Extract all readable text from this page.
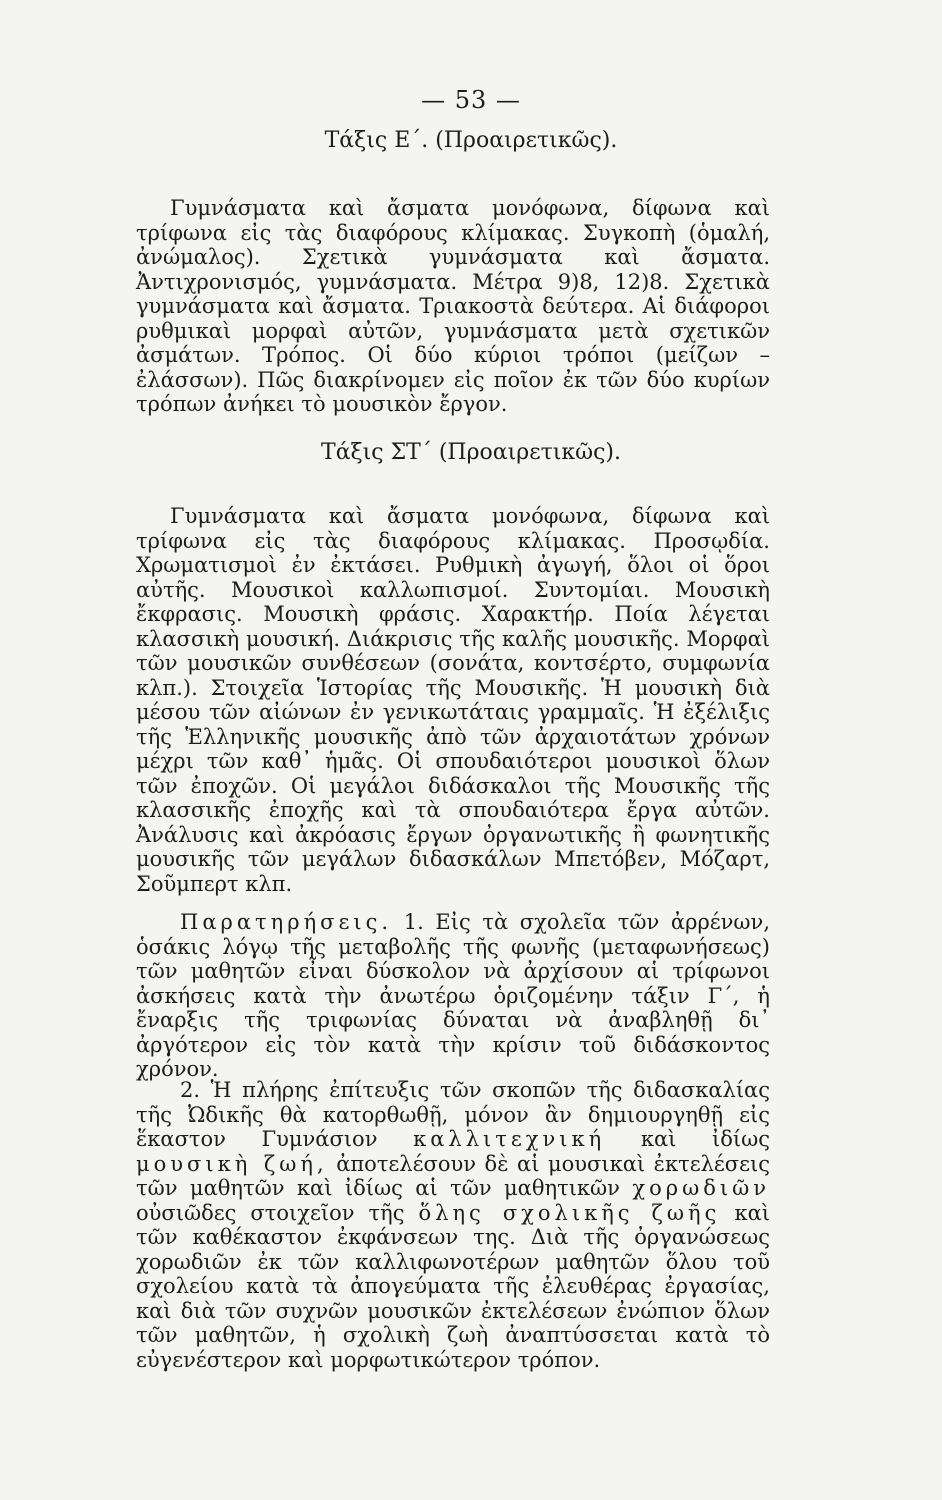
— 53 —
Τάξις Ε΄. (Προαιρετικῶς).

Γυμνάσματα καὶ ἄσματα μονόφωνα, δίφωνα καὶ τρίφωνα εἰς τὰς διαφόρους κλίμακας. Συγκοπὴ (ὁμαλή, ἀνώμαλος). Σχετικὰ γυμνάσματα καὶ ἄσματα. Ἀντιχρονισμός, γυμνάσματα. Μέτρα 9)8, 12)8. Σχετικὰ γυμνάσματα καὶ ἄσματα. Τριακοστὰ δεύτερα. Αἱ διάφοροι ρυθμικαὶ μορφαὶ αὐτῶν, γυμνάσματα μετὰ σχετικῶν ἀσμάτων. Τρόπος. Οἱ δύο κύριοι τρόποι (μείζων – ἐλάσσων). Πῶς διακρίνομεν εἰς ποῖον ἐκ τῶν δύο κυρίων τρόπων ἀνήκει τὸ μουσικὸν ἔργον.

Τάξις ΣΤ΄ (Προαιρετικῶς).

Γυμνάσματα καὶ ἄσματα μονόφωνα, δίφωνα καὶ τρίφωνα εἰς τὰς διαφόρους κλίμακας. Προσῳδία. Χρωματισμοὶ ἐν ἐκτάσει. Ρυθμικὴ ἀγωγή, ὅλοι οἱ ὅροι αὐτῆς. Μουσικοὶ καλλωπισμοί. Συντομίαι. Μουσικὴ ἔκφρασις. Μουσικὴ φράσις. Χαρακτήρ. Ποία λέγεται κλασσικὴ μουσική. Διάκρισις τῆς καλῆς μουσικῆς. Μορφαὶ τῶν μουσικῶν συνθέσεων (σονάτα, κοντσέρτο, συμφωνία κλπ.). Στοιχεῖα Ἱστορίας τῆς Μουσικῆς. Ἡ μουσικὴ διὰ μέσου τῶν αἰώνων ἐν γενικωτάταις γραμμαῖς. Ἡ ἐξέλιξις τῆς Ἑλληνικῆς μουσικῆς ἀπὸ τῶν ἀρχαιοτάτων χρόνων μέχρι τῶν καθ᾽ ἡμᾶς. Οἱ σπουδαιότεροι μουσικοὶ ὅλων τῶν ἐποχῶν. Οἱ μεγάλοι διδάσκαλοι τῆς Μουσικῆς τῆς κλασσικῆς ἐποχῆς καὶ τὰ σπουδαιότερα ἔργα αὐτῶν. Ἀνάλυσις καὶ ἀκρόασις ἔργων ὀργανωτικῆς ἢ φωνητικῆς μουσικῆς τῶν μεγάλων διδασκάλων Μπετόβεν, Μόζαρτ, Σοῦμπερτ κλπ.

Παρατηρήσεις. 1. Εἰς τὰ σχολεῖα τῶν ἀρρένων, ὁσάκις λόγῳ τῆς μεταβολῆς τῆς φωνῆς (μεταφωνήσεως) τῶν μαθητῶν εἶναι δύσκολον νὰ ἀρχίσουν αἱ τρίφωνοι ἀσκήσεις κατὰ τὴν ἀνωτέρω ὁριζομένην τάξιν Γ΄, ἡ ἔναρξις τῆς τριφωνίας δύναται νὰ ἀναβληθῇ δι᾽ ἀργότερον εἰς τὸν κατὰ τὴν κρίσιν τοῦ διδάσκοντος χρόνον.

2. Ἡ πλήρης ἐπίτευξις τῶν σκοπῶν τῆς διδασκαλίας τῆς Ὠδικῆς θὰ κατορθωθῇ, μόνον ἂν δημιουργηθῇ εἰς ἕκαστον Γυμνάσιον καλλιτεχνική καὶ ἰδίως μουσικὴ ζωή, ἀποτελέσουν δὲ αἱ μουσικαὶ ἐκτελέσεις τῶν μαθητῶν καὶ ἰδίως αἱ τῶν μαθητικῶν χορωδιῶν οὐσιῶδες στοιχεῖον τῆς ὅλης σχολικῆς ζωῆς καὶ τῶν καθέκαστον ἐκφάνσεων της. Διὰ τῆς ὀργανώσεως χορωδιῶν ἐκ τῶν καλλιφωνοτέρων μαθητῶν ὅλου τοῦ σχολείου κατὰ τὰ ἀπογεύματα τῆς ἐλευθέρας ἐργασίας, καὶ διὰ τῶν συχνῶν μουσικῶν ἐκτελέσεων ἐνώπιον ὅλων τῶν μαθητῶν, ἡ σχολικὴ ζωὴ ἀναπτύσσεται κατὰ τὸ εὐγενέστερον καὶ μορφωτικώτερον τρόπον.
